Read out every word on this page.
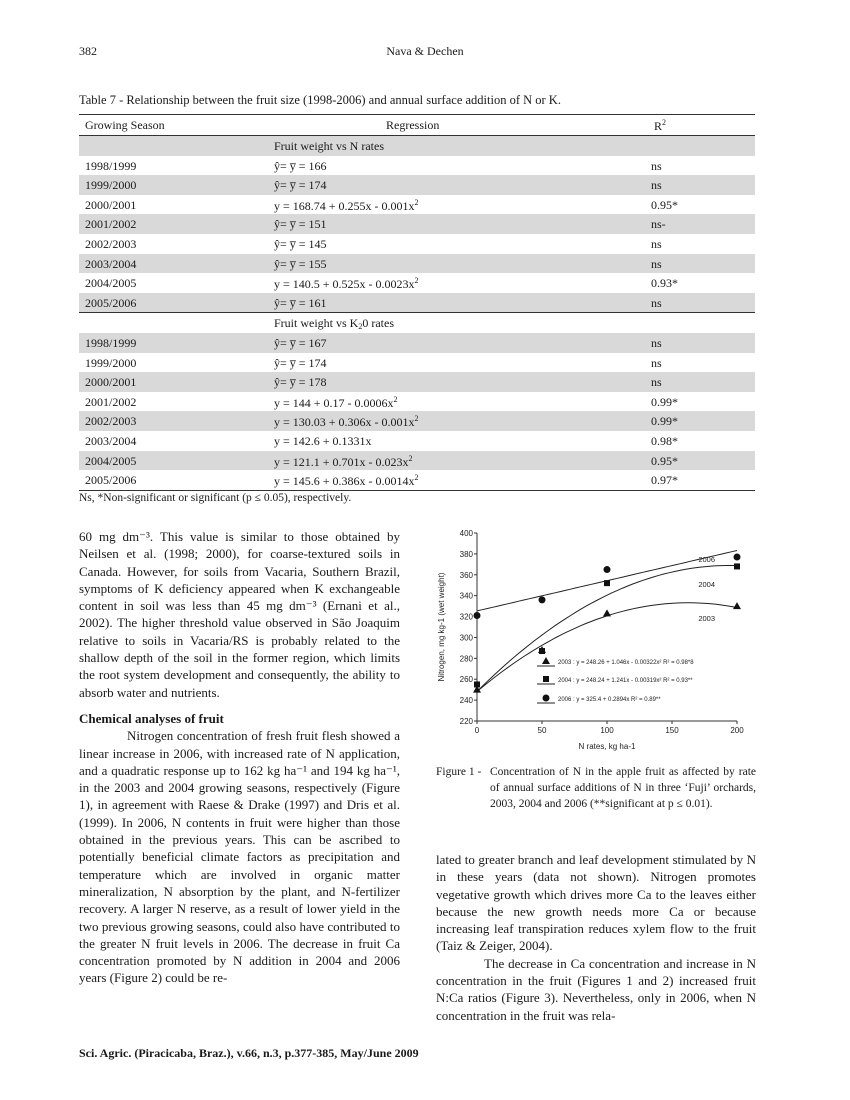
382	Nava & Dechen
Table 7 - Relationship between the fruit size (1998-2006) and annual surface addition of N or K.
Growing Season	Regression	$R^2$
Fruit weight vs N rates
1998/1999	ŷ= y̅ = 166	ns
1999/2000	ŷ= y̅ = 174	ns
2000/2001	$y = 168.74 + 0.255x - 0.001x^2$	0.95*
2001/2002	ŷ= y̅ = 151	ns-
2002/2003	ŷ= y̅ = 145	ns
2003/2004	ŷ= y̅ = 155	ns
2004/2005	$y = 140.5 + 0.525x - 0.0023x^2$	0.93*
2005/2006	ŷ= y̅ = 161	ns
Fruit weight vs $K_20$ rates
1998/1999	ŷ= y̅ = 167	ns
1999/2000	ŷ= y̅ = 174	ns
2000/2001	ŷ= y̅ = 178	ns
2001/2002	$y = 144 + 0.17 - 0.0006x^2$	0.99*
2002/2003	$y = 130.03 + 0.306x - 0.001x^2$	0.99*
2003/2004	y = 142.6 + 0.1331x	0.98*
2004/2005	$y = 121.1 + 0.701x - 0.023x^2$	0.95*
2005/2006	$y = 145.6 + 0.386x - 0.0014x^2$	0.97*
Ns, *Non-significant or significant (p ≤ 0.05), respectively.

60 mg dm⁻³. This value is similar to those obtained by Neilsen et al. (1998; 2000), for coarse-textured soils in Canada. However, for soils from Vacaria, Southern Brazil, symptoms of K deficiency appeared when K exchangeable content in soil was less than 45 mg dm⁻³ (Ernani et al., 2002). The higher threshold value observed in São Joaquim relative to soils in Vacaria/RS is probably related to the shallow depth of the soil in the former region, which limits the root system development and consequently, the ability to absorb water and nutrients.

Chemical analyses of fruit

Nitrogen concentration of fresh fruit flesh showed a linear increase in 2006, with increased rate of N application, and a quadratic response up to 162 kg ha⁻¹ and 194 kg ha⁻¹, in the 2003 and 2004 growing seasons, respectively (Figure 1), in agreement with Raese & Drake (1997) and Dris et al. (1999). In 2006, N contents in fruit were higher than those obtained in the previous years. This can be ascribed to potentially beneficial climate factors as precipitation and temperature which are involved in organic matter mineralization, N absorption by the plant, and N-fertilizer recovery. A larger N reserve, as a result of lower yield in the two previous growing seasons, could also have contributed to the greater N fruit levels in 2006. The decrease in fruit Ca concentration promoted by N addition in 2004 and 2006 years (Figure 2) could be re-

220
240
260
280
300
320
340
360
380
400
0	50	100	150	200
N rates, kg ha-1
Nitrogen, mg kg-1 (wet weight)	2003
2004
2006
2003 : y = 248.26 + 1.046x - 0.00322x² R² = 0.98*8
2004 : y = 248.24 + 1.241x - 0.00319x² R² = 0.93**
2006 : y = 325.4 + 0.2894x R² = 0.89**
Figure 1 - Concentration of N in the apple fruit as affected by rate of annual surface additions of N in three ‘Fuji’ orchards, 2003, 2004 and 2006 (**significant at p ≤ 0.01).

lated to greater branch and leaf development stimulated by N in these years (data not shown). Nitrogen promotes vegetative growth which drives more Ca to the leaves either because the new growth needs more Ca or because increasing leaf transpiration reduces xylem flow to the fruit (Taiz & Zeiger, 2004).

The decrease in Ca concentration and increase in N concentration in the fruit (Figures 1 and 2) increased fruit N:Ca ratios (Figure 3). Nevertheless, only in 2006, when N concentration in the fruit was rela-

Sci. Agric. (Piracicaba, Braz.), v.66, n.3, p.377-385, May/June 2009
